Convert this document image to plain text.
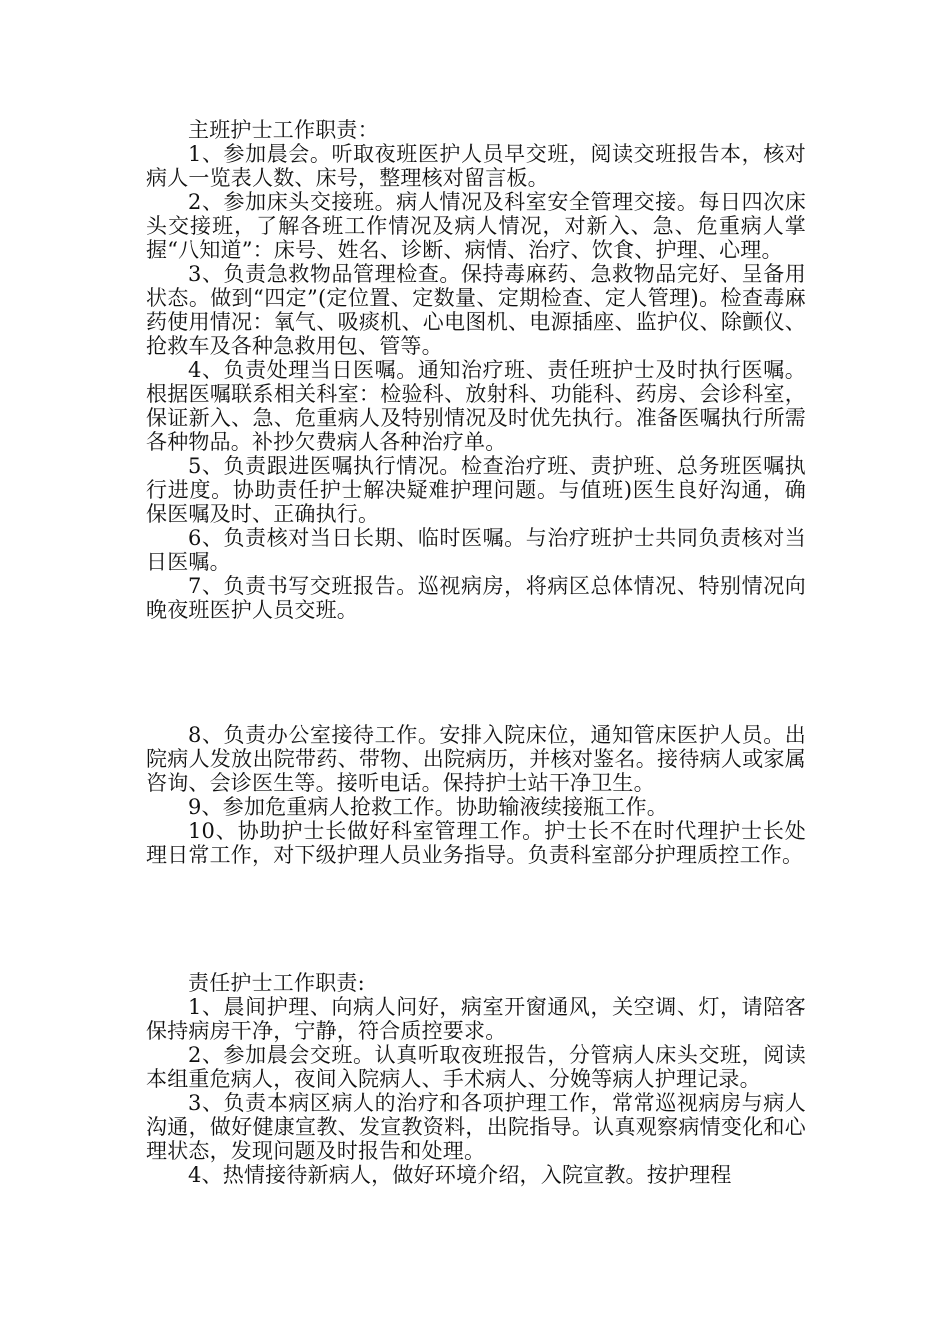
主班护士工作职责：

1、参加晨会。听取夜班医护人员早交班，阅读交班报告本，核对病人一览表人数、床号，整理核对留言板。

2、参加床头交接班。病人情况及科室安全管理交接。每日四次床头交接班，了解各班工作情况及病人情况，对新入、急、危重病人掌握“八知道”：床号、姓名、诊断、病情、治疗、饮食、护理、心理。

3、负责急救物品管理检查。保持毒麻药、急救物品完好、呈备用状态。做到“四定”(定位置、定数量、定期检查、定人管理)。检查毒麻药使用情况：氧气、吸痰机、心电图机、电源插座、监护仪、除颤仪、抢救车及各种急救用包、管等。

4、负责处理当日医嘱。通知治疗班、责任班护士及时执行医嘱。根据医嘱联系相关科室：检验科、放射科、功能科、药房、会诊科室，保证新入、急、危重病人及特别情况及时优先执行。准备医嘱执行所需各种物品。补抄欠费病人各种治疗单。

5、负责跟进医嘱执行情况。检查治疗班、责护班、总务班医嘱执行进度。协助责任护士解决疑难护理问题。与值班)医生良好沟通，确保医嘱及时、正确执行。

6、负责核对当日长期、临时医嘱。与治疗班护士共同负责核对当日医嘱。

7、负责书写交班报告。巡视病房，将病区总体情况、特别情况向晚夜班医护人员交班。

8、负责办公室接待工作。安排入院床位，通知管床医护人员。出院病人发放出院带药、带物、出院病历，并核对鉴名。接待病人或家属咨询、会诊医生等。接听电话。保持护士站干净卫生。

9、参加危重病人抢救工作。协助输液续接瓶工作。

10、协助护士长做好科室管理工作。护士长不在时代理护士长处理日常工作，对下级护理人员业务指导。负责科室部分护理质控工作。

责任护士工作职责:

1、晨间护理、向病人问好，病室开窗通风，关空调、灯，请陪客保持病房干净，宁静，符合质控要求。

2、参加晨会交班。认真听取夜班报告，分管病人床头交班，阅读本组重危病人，夜间入院病人、手术病人、分娩等病人护理记录。

3、负责本病区病人的治疗和各项护理工作，常常巡视病房与病人沟通，做好健康宣教、发宣教资料，出院指导。认真观察病情变化和心理状态，发现问题及时报告和处理。

4、热情接待新病人，做好环境介绍，入院宣教。按护理程
